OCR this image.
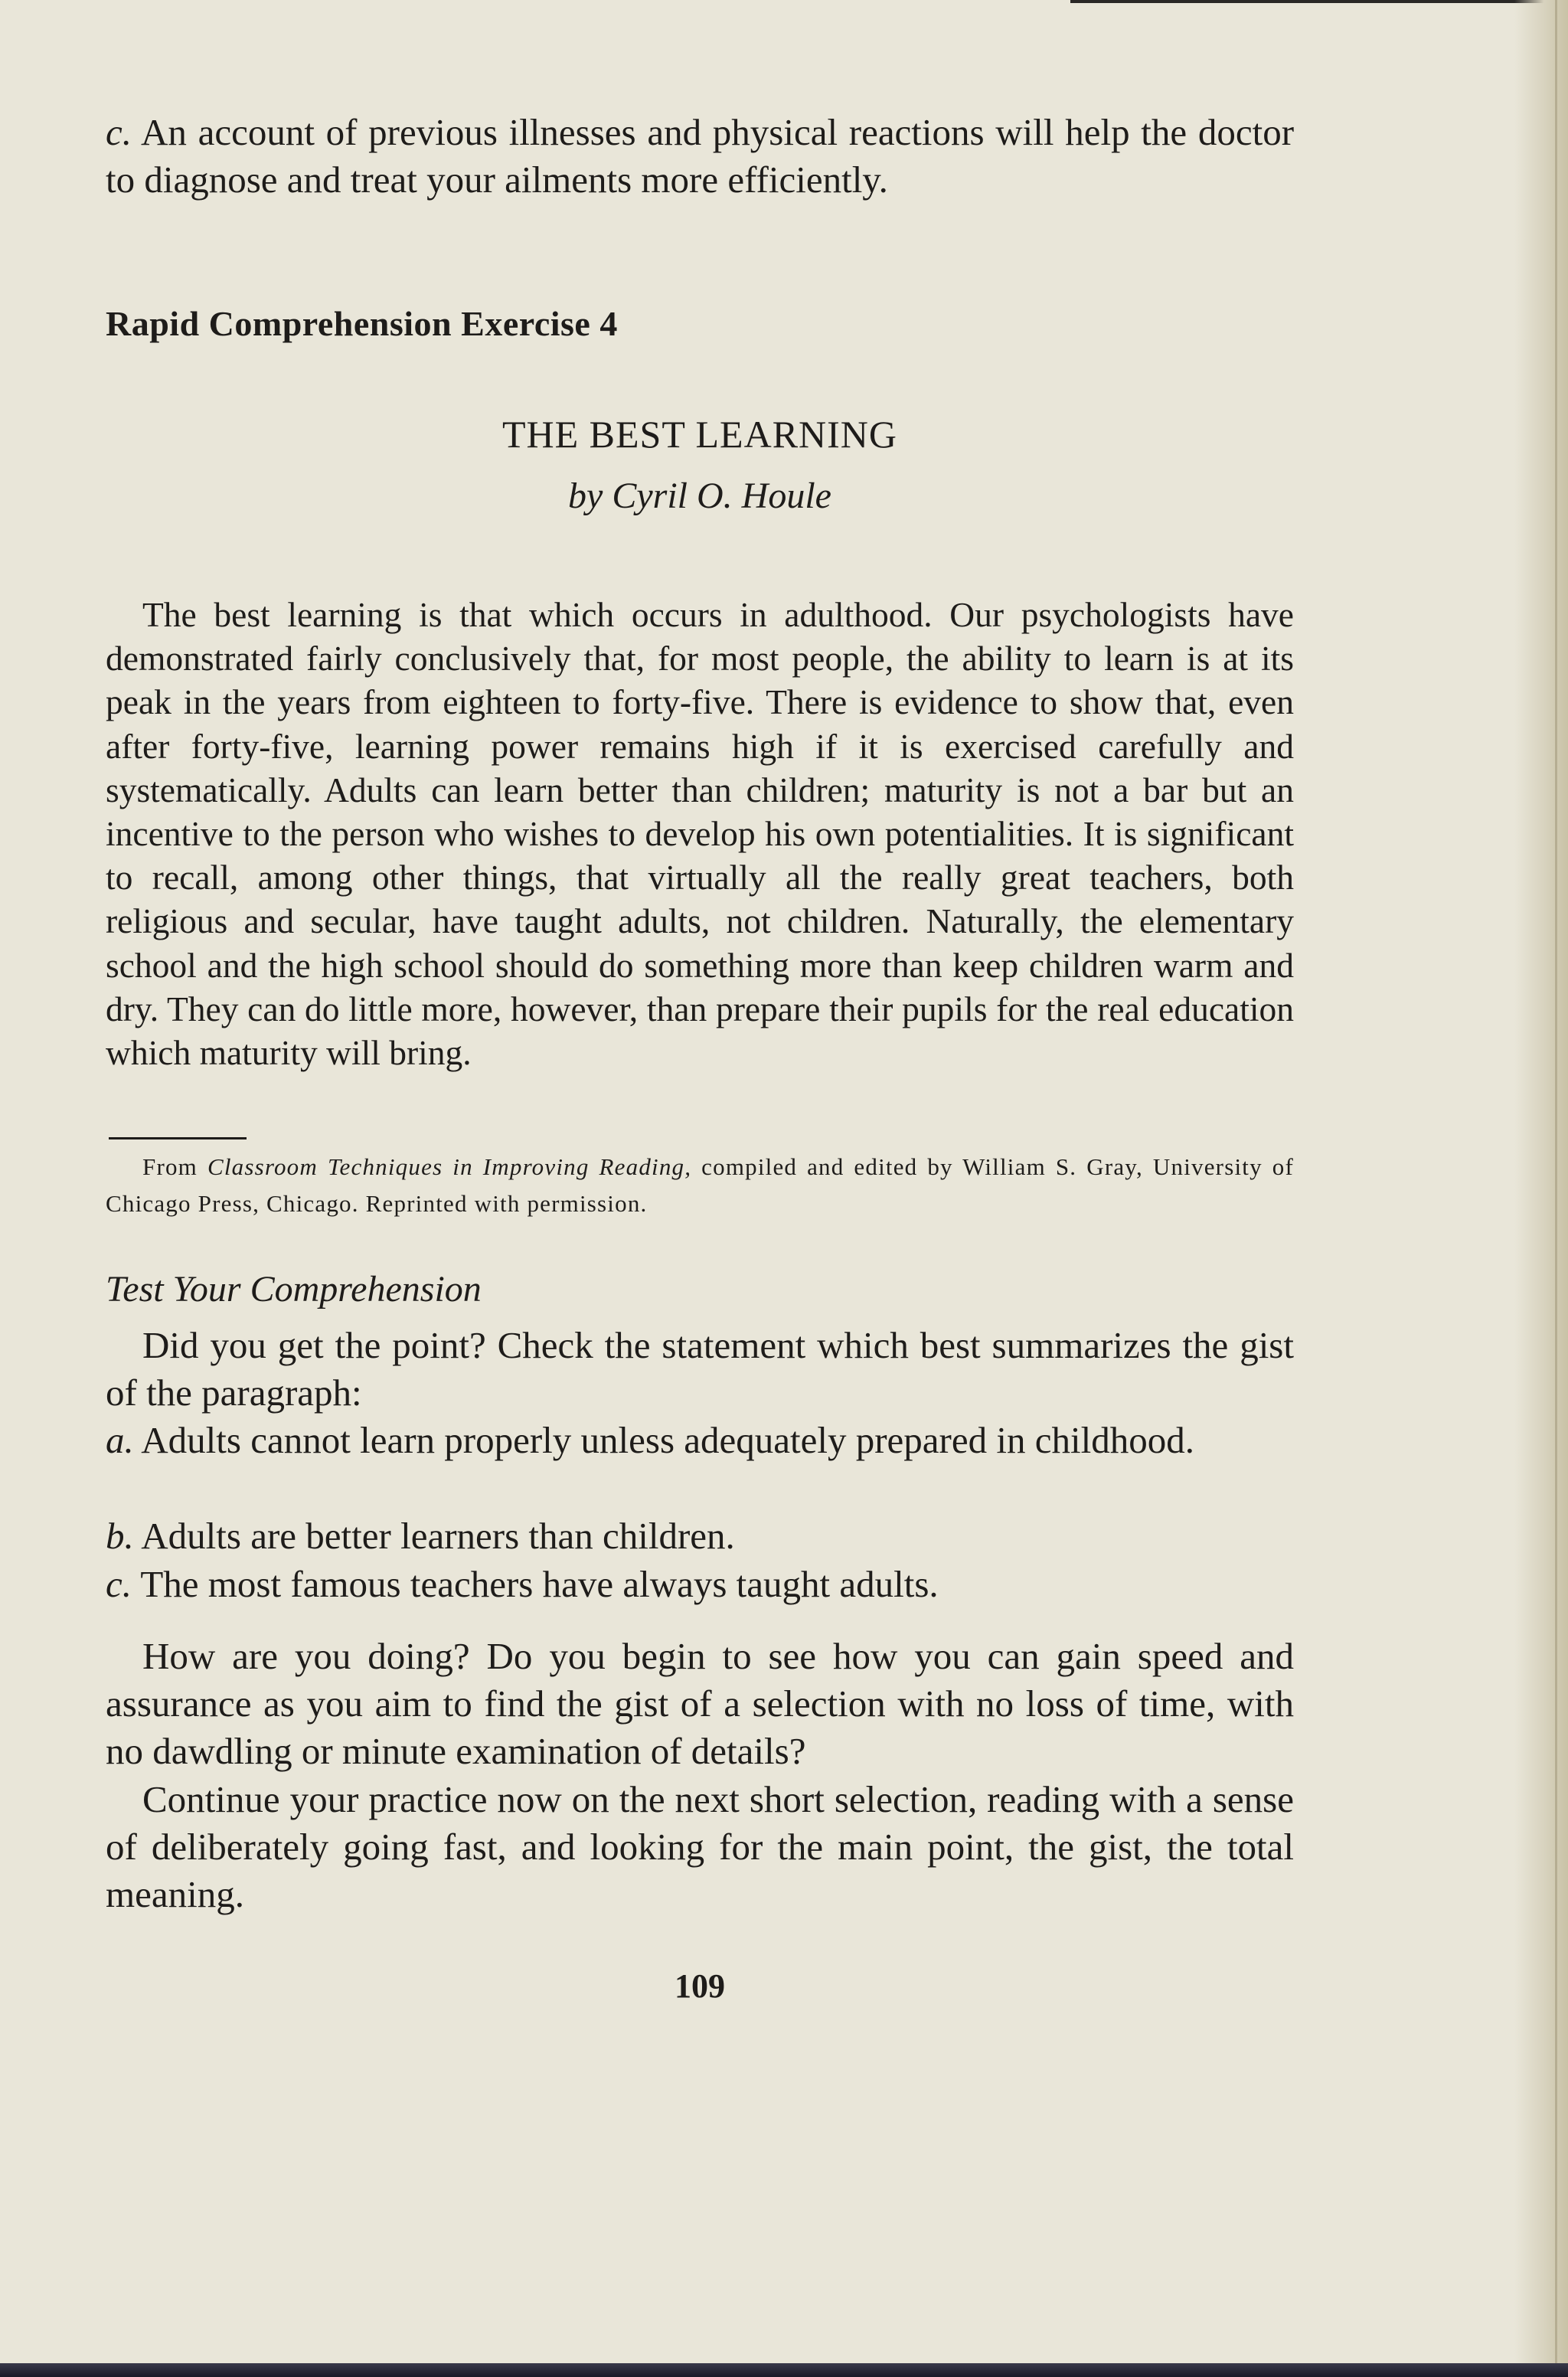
c. An account of previous illnesses and physical reactions will help the doctor to diagnose and treat your ailments more efficiently.

Rapid Comprehension Exercise 4
THE BEST LEARNING
by Cyril O. Houle

The best learning is that which occurs in adulthood. Our psychologists have demonstrated fairly conclusively that, for most people, the ability to learn is at its peak in the years from eighteen to forty-five. There is evidence to show that, even after forty-five, learning power remains high if it is exercised carefully and systematically. Adults can learn better than children; maturity is not a bar but an incentive to the person who wishes to develop his own potentialities. It is significant to recall, among other things, that virtually all the really great teachers, both religious and secular, have taught adults, not children. Naturally, the elementary school and the high school should do something more than keep children warm and dry. They can do little more, however, than prepare their pupils for the real education which maturity will bring.

From Classroom Techniques in Improving Reading, compiled and edited by William S. Gray, University of Chicago Press, Chicago. Reprinted with permission.

Test Your Comprehension

Did you get the point? Check the statement which best summarizes the gist of the paragraph:

a. Adults cannot learn properly unless adequately prepared in childhood.

b. Adults are better learners than children.

c. The most famous teachers have always taught adults.

How are you doing? Do you begin to see how you can gain speed and assurance as you aim to find the gist of a selection with no loss of time, with no dawdling or minute examination of details?

Continue your practice now on the next short selection, reading with a sense of deliberately going fast, and looking for the main point, the gist, the total meaning.

109
